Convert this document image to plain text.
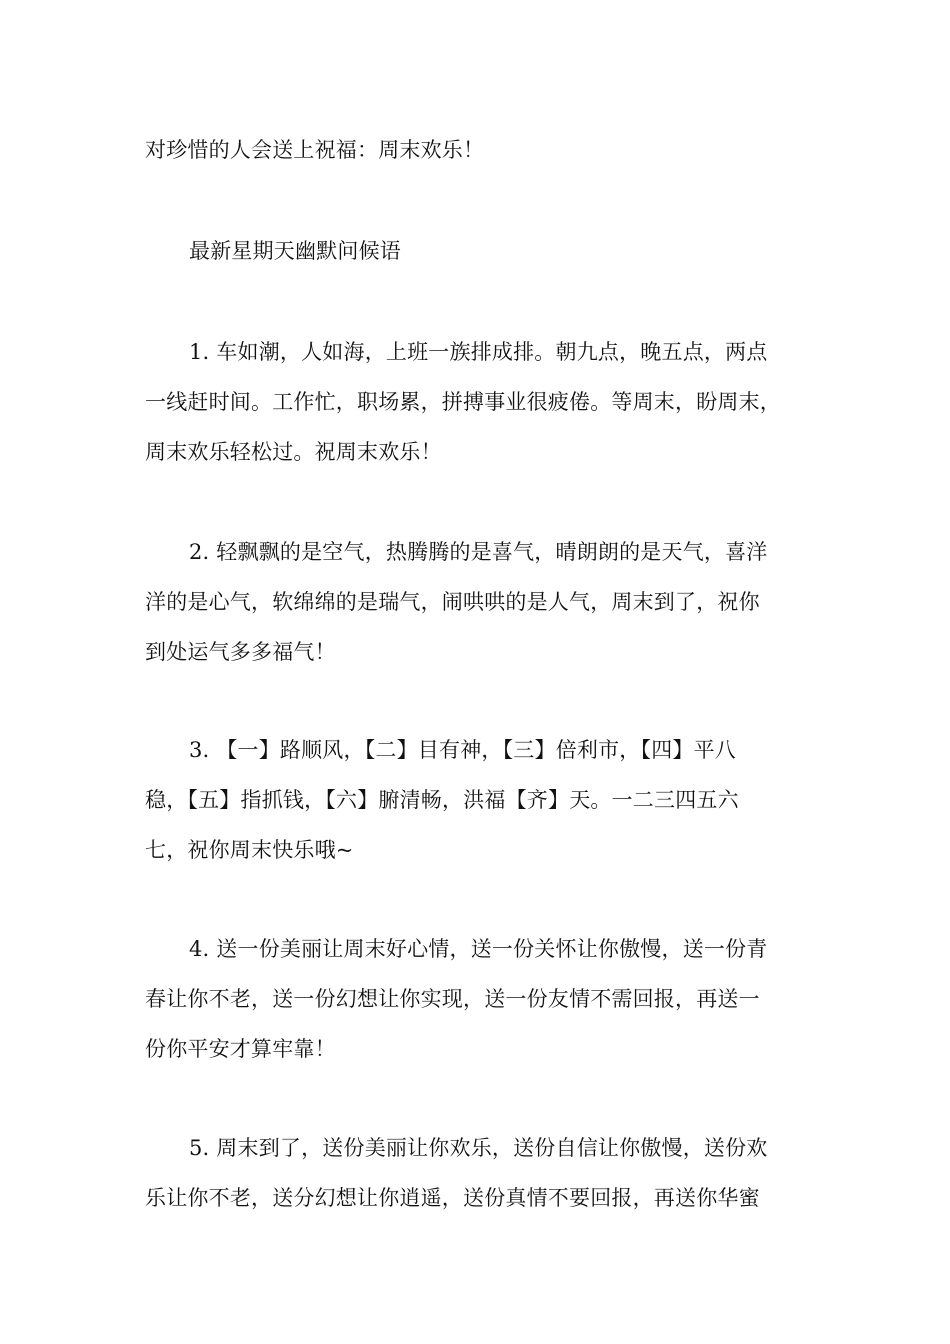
对珍惜的人会送上祝福：周末欢乐！
最新星期天幽默问候语
1. 车如潮，人如海，上班一族排成排。朝九点，晚五点，两点
一线赶时间。工作忙，职场累，拼搏事业很疲倦。等周末，盼周末，
周末欢乐轻松过。祝周末欢乐！
2. 轻飘飘的是空气，热腾腾的是喜气，晴朗朗的是天气，喜洋
洋的是心气，软绵绵的是瑞气，闹哄哄的是人气，周末到了，祝你
到处运气多多福气！
3. 【一】路顺风，【二】目有神，【三】倍利市，【四】平八
稳，【五】指抓钱，【六】腑清畅，洪福【齐】天。一二三四五六
七，祝你周末快乐哦~
4. 送一份美丽让周末好心情，送一份关怀让你傲慢，送一份青
春让你不老，送一份幻想让你实现，送一份友情不需回报，再送一
份你平安才算牢靠！
5. 周末到了，送份美丽让你欢乐，送份自信让你傲慢，送份欢
乐让你不老，送分幻想让你逍遥，送份真情不要回报，再送你华蜜
